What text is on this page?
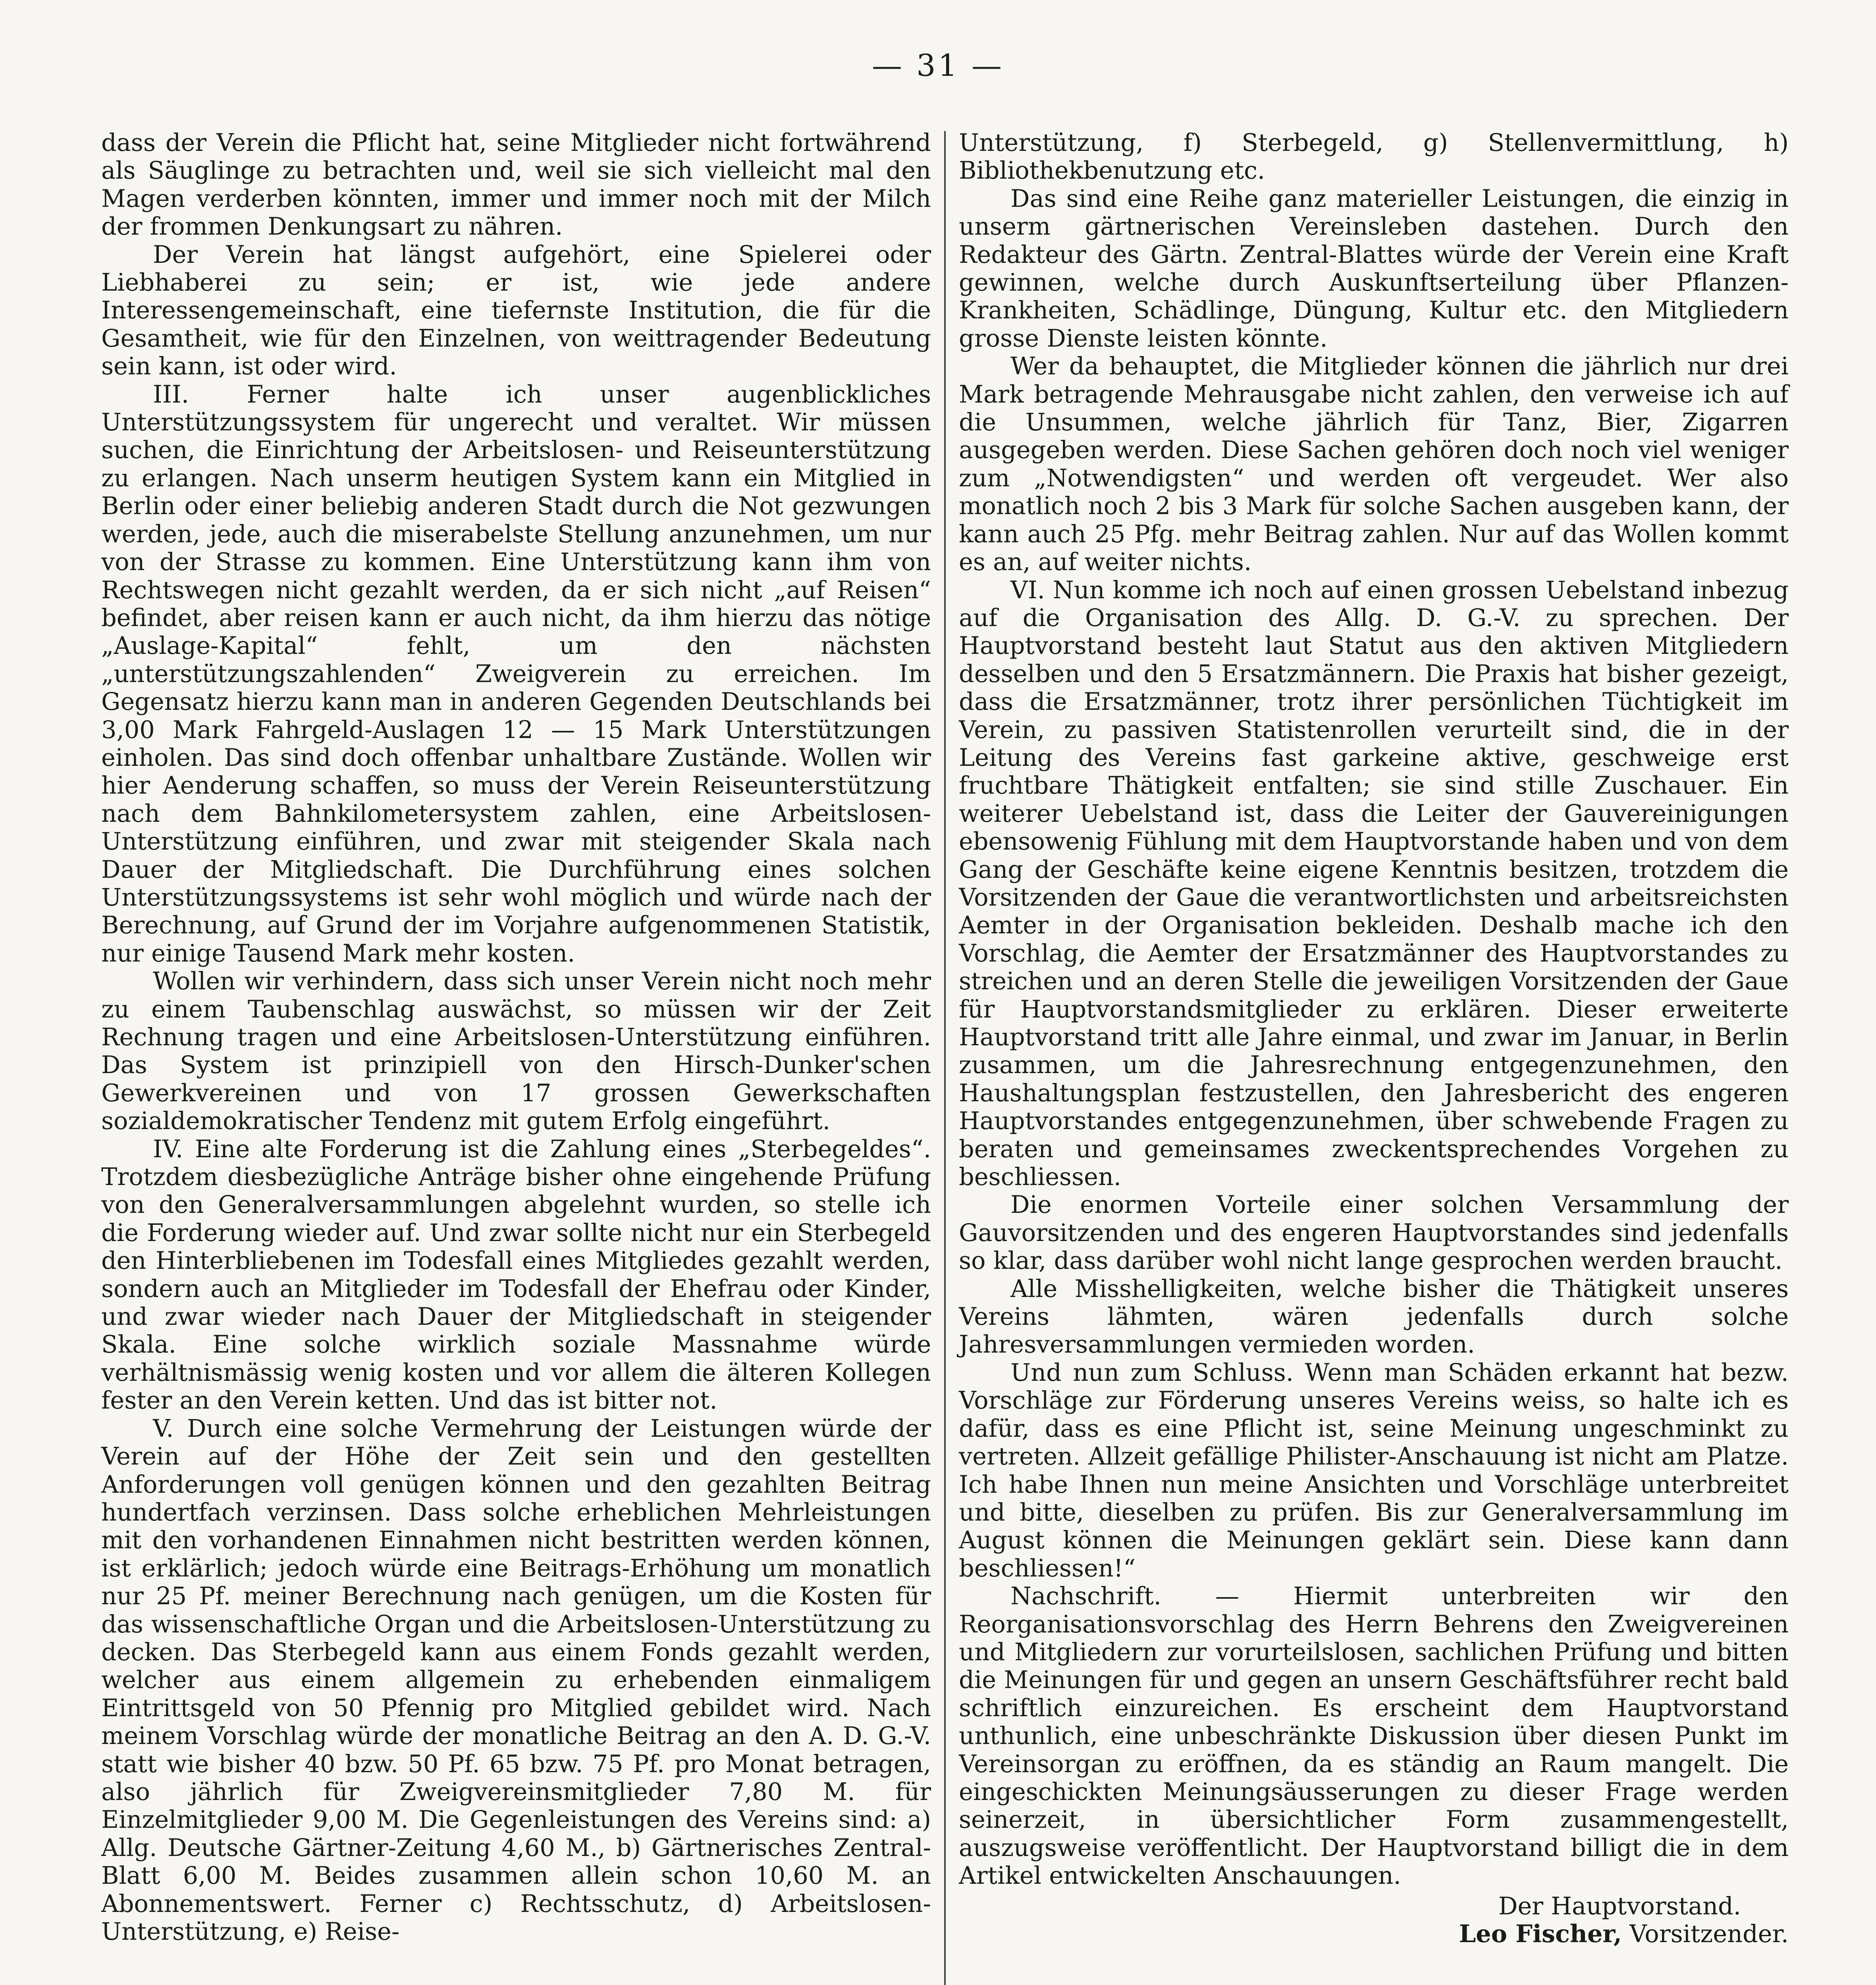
— 31 —

dass der Verein die Pflicht hat, seine Mitglieder nicht fortwährend als Säuglinge zu betrachten und, weil sie sich vielleicht mal den Magen verderben könnten, immer und immer noch mit der Milch der frommen Denkungsart zu nähren.

Der Verein hat längst aufgehört, eine Spielerei oder Liebhaberei zu sein; er ist, wie jede andere Interessengemeinschaft, eine tiefernste Institution, die für die Gesamtheit, wie für den Einzelnen, von weittragender Bedeutung sein kann, ist oder wird.

III. Ferner halte ich unser augenblickliches Unterstützungssystem für ungerecht und veraltet. Wir müssen suchen, die Einrichtung der Arbeitslosen- und Reiseunterstützung zu erlangen. Nach unserm heutigen System kann ein Mitglied in Berlin oder einer beliebig anderen Stadt durch die Not gezwungen werden, jede, auch die miserabelste Stellung anzunehmen, um nur von der Strasse zu kommen. Eine Unterstützung kann ihm von Rechtswegen nicht gezahlt werden, da er sich nicht „auf Reisen“ befindet, aber reisen kann er auch nicht, da ihm hierzu das nötige „Auslage-Kapital“ fehlt, um den nächsten „unterstützungszahlenden“ Zweigverein zu erreichen. Im Gegensatz hierzu kann man in anderen Gegenden Deutschlands bei 3,00 Mark Fahrgeld-Auslagen 12 — 15 Mark Unterstützungen einholen. Das sind doch offenbar unhaltbare Zustände. Wollen wir hier Aenderung schaffen, so muss der Verein Reiseunterstützung nach dem Bahnkilometersystem zahlen, eine Arbeitslosen-Unterstützung einführen, und zwar mit steigender Skala nach Dauer der Mitgliedschaft. Die Durchführung eines solchen Unterstützungssystems ist sehr wohl möglich und würde nach der Berechnung, auf Grund der im Vorjahre aufgenommenen Statistik, nur einige Tausend Mark mehr kosten.

Wollen wir verhindern, dass sich unser Verein nicht noch mehr zu einem Taubenschlag auswächst, so müssen wir der Zeit Rechnung tragen und eine Arbeitslosen-Unterstützung einführen. Das System ist prinzipiell von den Hirsch-Dunker'schen Gewerkvereinen und von 17 grossen Gewerkschaften sozialdemokratischer Tendenz mit gutem Erfolg eingeführt.

IV. Eine alte Forderung ist die Zahlung eines „Sterbegeldes“. Trotzdem diesbezügliche Anträge bisher ohne eingehende Prüfung von den Generalversammlungen abgelehnt wurden, so stelle ich die Forderung wieder auf. Und zwar sollte nicht nur ein Sterbegeld den Hinterbliebenen im Todesfall eines Mitgliedes gezahlt werden, sondern auch an Mitglieder im Todesfall der Ehefrau oder Kinder, und zwar wieder nach Dauer der Mitgliedschaft in steigender Skala. Eine solche wirklich soziale Massnahme würde verhältnismässig wenig kosten und vor allem die älteren Kollegen fester an den Verein ketten. Und das ist bitter not.

V. Durch eine solche Vermehrung der Leistungen würde der Verein auf der Höhe der Zeit sein und den gestellten Anforderungen voll genügen können und den gezahlten Beitrag hundertfach verzinsen. Dass solche erheblichen Mehrleistungen mit den vorhandenen Einnahmen nicht bestritten werden können, ist erklärlich; jedoch würde eine Beitrags-Erhöhung um monatlich nur 25 Pf. meiner Berechnung nach genügen, um die Kosten für das wissenschaftliche Organ und die Arbeitslosen-Unterstützung zu decken. Das Sterbegeld kann aus einem Fonds gezahlt werden, welcher aus einem allgemein zu erhebenden einmaligem Eintrittsgeld von 50 Pfennig pro Mitglied gebildet wird. Nach meinem Vorschlag würde der monatliche Beitrag an den A. D. G.-V. statt wie bisher 40 bzw. 50 Pf. 65 bzw. 75 Pf. pro Monat betragen, also jährlich für Zweigvereinsmitglieder 7,80 M. für Einzelmitglieder 9,00 M. Die Gegenleistungen des Vereins sind: a) Allg. Deutsche Gärtner-Zeitung 4,60 M., b) Gärtnerisches Zentral-Blatt 6,00 M. Beides zusammen allein schon 10,60 M. an Abonnementswert. Ferner c) Rechtsschutz, d) Arbeitslosen-Unterstützung, e) Reise-

Unterstützung, f) Sterbegeld, g) Stellenvermittlung, h) Bibliothekbenutzung etc.

Das sind eine Reihe ganz materieller Leistungen, die einzig in unserm gärtnerischen Vereinsleben dastehen. Durch den Redakteur des Gärtn. Zentral-Blattes würde der Verein eine Kraft gewinnen, welche durch Auskunftserteilung über Pflanzen-Krankheiten, Schädlinge, Düngung, Kultur etc. den Mitgliedern grosse Dienste leisten könnte.

Wer da behauptet, die Mitglieder können die jährlich nur drei Mark betragende Mehrausgabe nicht zahlen, den verweise ich auf die Unsummen, welche jährlich für Tanz, Bier, Zigarren ausgegeben werden. Diese Sachen gehören doch noch viel weniger zum „Notwendigsten“ und werden oft vergeudet. Wer also monatlich noch 2 bis 3 Mark für solche Sachen ausgeben kann, der kann auch 25 Pfg. mehr Beitrag zahlen. Nur auf das Wollen kommt es an, auf weiter nichts.

VI. Nun komme ich noch auf einen grossen Uebelstand inbezug auf die Organisation des Allg. D. G.-V. zu sprechen. Der Hauptvorstand besteht laut Statut aus den aktiven Mitgliedern desselben und den 5 Ersatzmännern. Die Praxis hat bisher gezeigt, dass die Ersatzmänner, trotz ihrer persönlichen Tüchtigkeit im Verein, zu passiven Statistenrollen verurteilt sind, die in der Leitung des Vereins fast garkeine aktive, geschweige erst fruchtbare Thätigkeit entfalten; sie sind stille Zuschauer. Ein weiterer Uebelstand ist, dass die Leiter der Gauvereinigungen ebensowenig Fühlung mit dem Hauptvorstande haben und von dem Gang der Geschäfte keine eigene Kenntnis besitzen, trotzdem die Vorsitzenden der Gaue die verantwortlichsten und arbeitsreichsten Aemter in der Organisation bekleiden. Deshalb mache ich den Vorschlag, die Aemter der Ersatzmänner des Hauptvorstandes zu streichen und an deren Stelle die jeweiligen Vorsitzenden der Gaue für Hauptvorstandsmitglieder zu erklären. Dieser erweiterte Hauptvorstand tritt alle Jahre einmal, und zwar im Januar, in Berlin zusammen, um die Jahresrechnung entgegenzunehmen, den Haushaltungsplan festzustellen, den Jahresbericht des engeren Hauptvorstandes entgegenzunehmen, über schwebende Fragen zu beraten und gemeinsames zweckentsprechendes Vorgehen zu beschliessen.

Die enormen Vorteile einer solchen Versammlung der Gauvorsitzenden und des engeren Hauptvorstandes sind jedenfalls so klar, dass darüber wohl nicht lange gesprochen werden braucht.

Alle Misshelligkeiten, welche bisher die Thätigkeit unseres Vereins lähmten, wären jedenfalls durch solche Jahresversammlungen vermieden worden.

Und nun zum Schluss. Wenn man Schäden erkannt hat bezw. Vorschläge zur Förderung unseres Vereins weiss, so halte ich es dafür, dass es eine Pflicht ist, seine Meinung ungeschminkt zu vertreten. Allzeit gefällige Philister-Anschauung ist nicht am Platze. Ich habe Ihnen nun meine Ansichten und Vorschläge unterbreitet und bitte, dieselben zu prüfen. Bis zur Generalversammlung im August können die Meinungen geklärt sein. Diese kann dann beschliessen!“

Nachschrift. — Hiermit unterbreiten wir den Reorganisationsvorschlag des Herrn Behrens den Zweigvereinen und Mitgliedern zur vorurteilslosen, sachlichen Prüfung und bitten die Meinungen für und gegen an unsern Geschäftsführer recht bald schriftlich einzureichen. Es erscheint dem Hauptvorstand unthunlich, eine unbeschränkte Diskussion über diesen Punkt im Vereinsorgan zu eröffnen, da es ständig an Raum mangelt. Die eingeschickten Meinungsäusserungen zu dieser Frage werden seinerzeit, in übersichtlicher Form zusammengestellt, auszugsweise veröffentlicht. Der Hauptvorstand billigt die in dem Artikel entwickelten Anschauungen.

Der Hauptvorstand.
Leo Fischer, Vorsitzender.
